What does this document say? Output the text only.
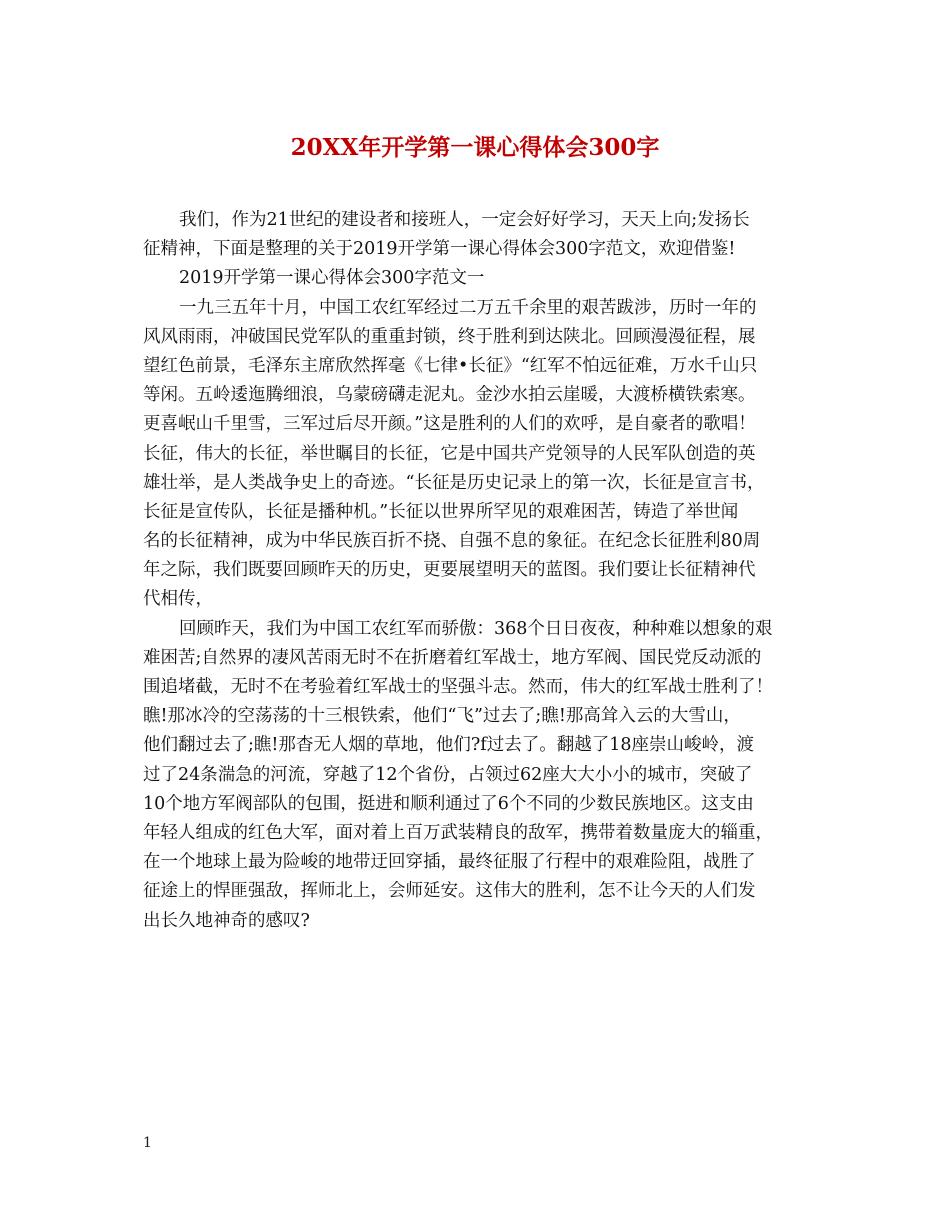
20XX年开学第一课心得体会300字
我们，作为21世纪的建设者和接班人，一定会好好学习，天天上向;发扬长
征精神，下面是整理的关于2019开学第一课心得体会300字范文，欢迎借鉴!
2019开学第一课心得体会300字范文一
一九三五年十月，中国工农红军经过二万五千余里的艰苦跋涉，历时一年的
风风雨雨，冲破国民党军队的重重封锁，终于胜利到达陕北。回顾漫漫征程，展
望红色前景，毛泽东主席欣然挥毫《七律•长征》“红军不怕远征难，万水千山只
等闲。五岭逶迤腾细浪，乌蒙磅礴走泥丸。金沙水拍云崖暖，大渡桥横铁索寒。
更喜岷山千里雪，三军过后尽开颜。”这是胜利的人们的欢呼，是自豪者的歌唱！
长征，伟大的长征，举世瞩目的长征，它是中国共产党领导的人民军队创造的英
雄壮举，是人类战争史上的奇迹。“长征是历史记录上的第一次，长征是宣言书，
长征是宣传队，长征是播种机。”长征以世界所罕见的艰难困苦，铸造了举世闻
名的长征精神，成为中华民族百折不挠、自强不息的象征。在纪念长征胜利80周
年之际，我们既要回顾昨天的历史，更要展望明天的蓝图。我们要让长征精神代
代相传，
回顾昨天，我们为中国工农红军而骄傲：368个日日夜夜，种种难以想象的艰
难困苦;自然界的凄风苦雨无时不在折磨着红军战士，地方军阀、国民党反动派的
围追堵截，无时不在考验着红军战士的坚强斗志。然而，伟大的红军战士胜利了！
瞧!那冰冷的空荡荡的十三根铁索，他们“飞”过去了;瞧!那高耸入云的大雪山，
他们翻过去了;瞧!那杳无人烟的草地，他们?f过去了。翻越了18座崇山峻岭，渡
过了24条湍急的河流，穿越了12个省份，占领过62座大大小小的城市，突破了
10个地方军阀部队的包围，挺进和顺利通过了6个不同的少数民族地区。这支由
年轻人组成的红色大军，面对着上百万武装精良的敌军，携带着数量庞大的辎重，
在一个地球上最为险峻的地带迂回穿插，最终征服了行程中的艰难险阻，战胜了
征途上的悍匪强敌，挥师北上，会师延安。这伟大的胜利，怎不让今天的人们发
出长久地神奇的感叹?
1
